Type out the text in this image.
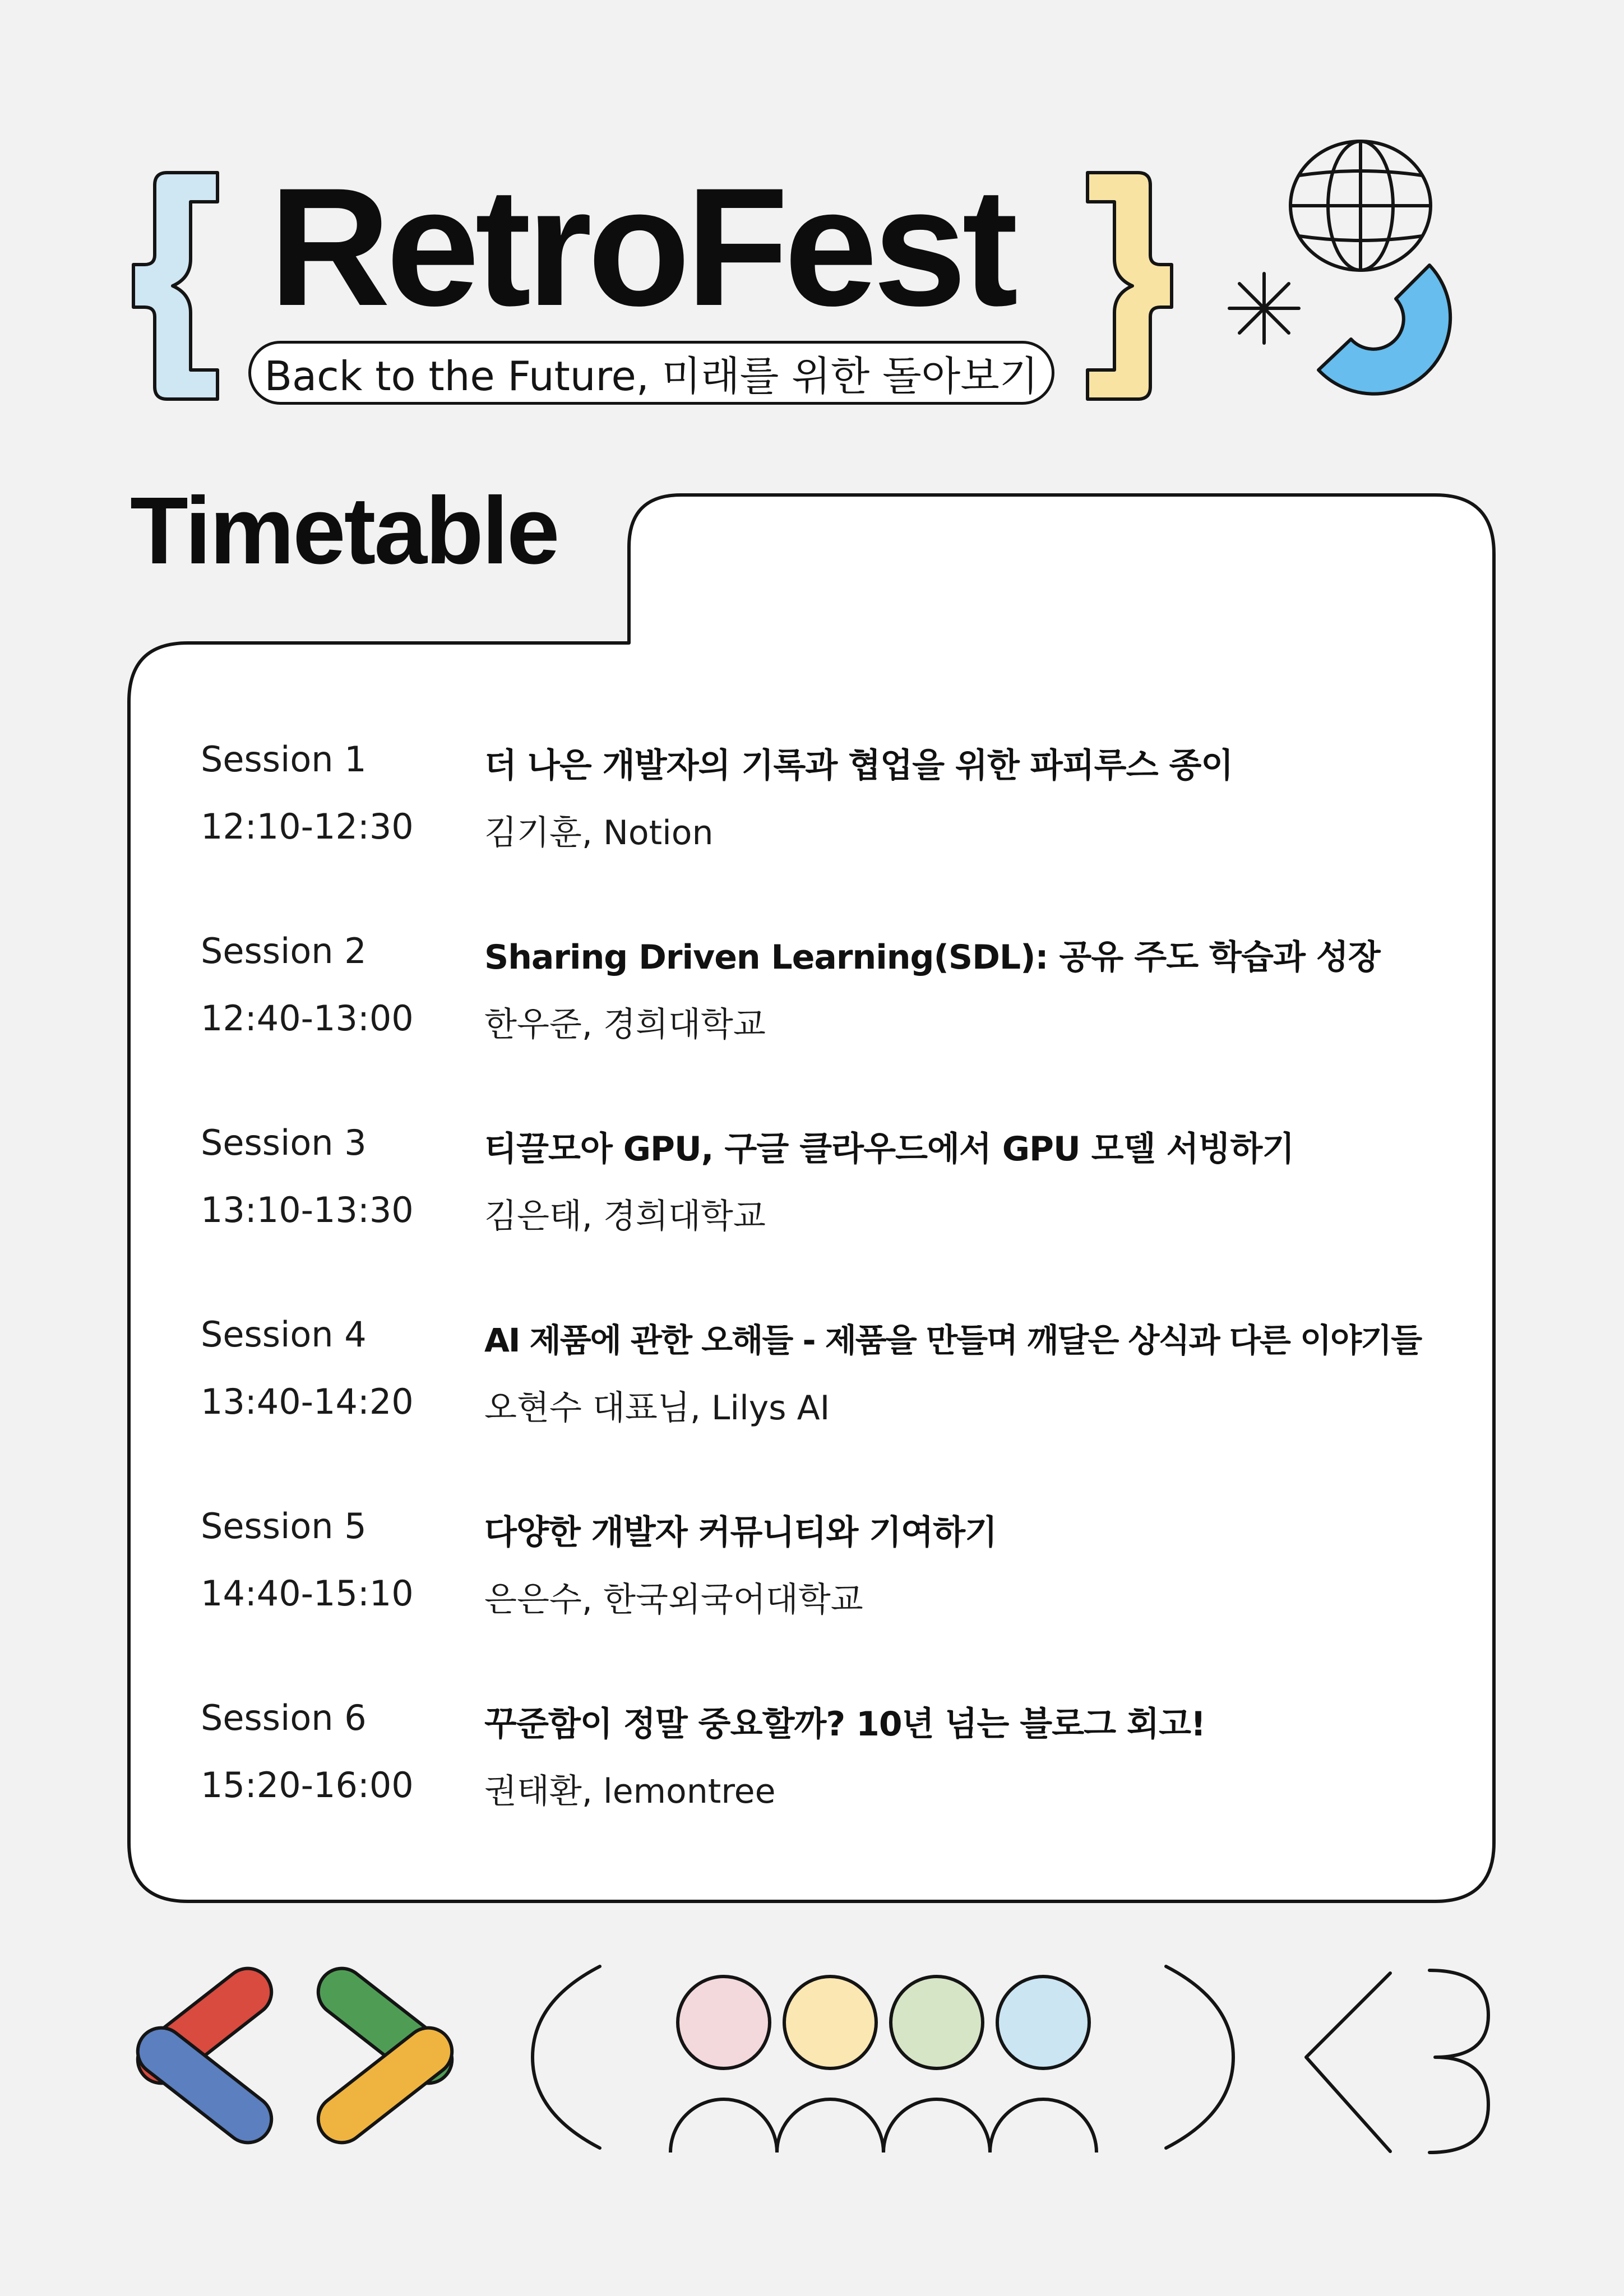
RetroFest
Back to the Future, 미래를 위한 돌아보기
Timetable
Session 1	더 나은 개발자의 기록과 협업을 위한 파피루스 종이
12:10-12:30 김기훈, Notion
Session 2	Sharing Driven Learning(SDL): 공유 주도 학습과 성장
12:40-13:00 한우준, 경희대학교
Session 3	티끌모아 GPU, 구글 클라우드에서 GPU 모델 서빙하기
13:10-13:30 김은태, 경희대학교
Session 4	AI 제품에 관한 오해들 - 제품을 만들며 깨달은 상식과 다른 이야기들
13:40-14:20 오현수 대표님, Lilys AI
Session 5	다양한 개발자 커뮤니티와 기여하기
14:40-15:10 은은수, 한국외국어대학교
Session 6	꾸준함이 정말 중요할까? 10년 넘는 블로그 회고!
15:20-16:00 권태환, lemontree
